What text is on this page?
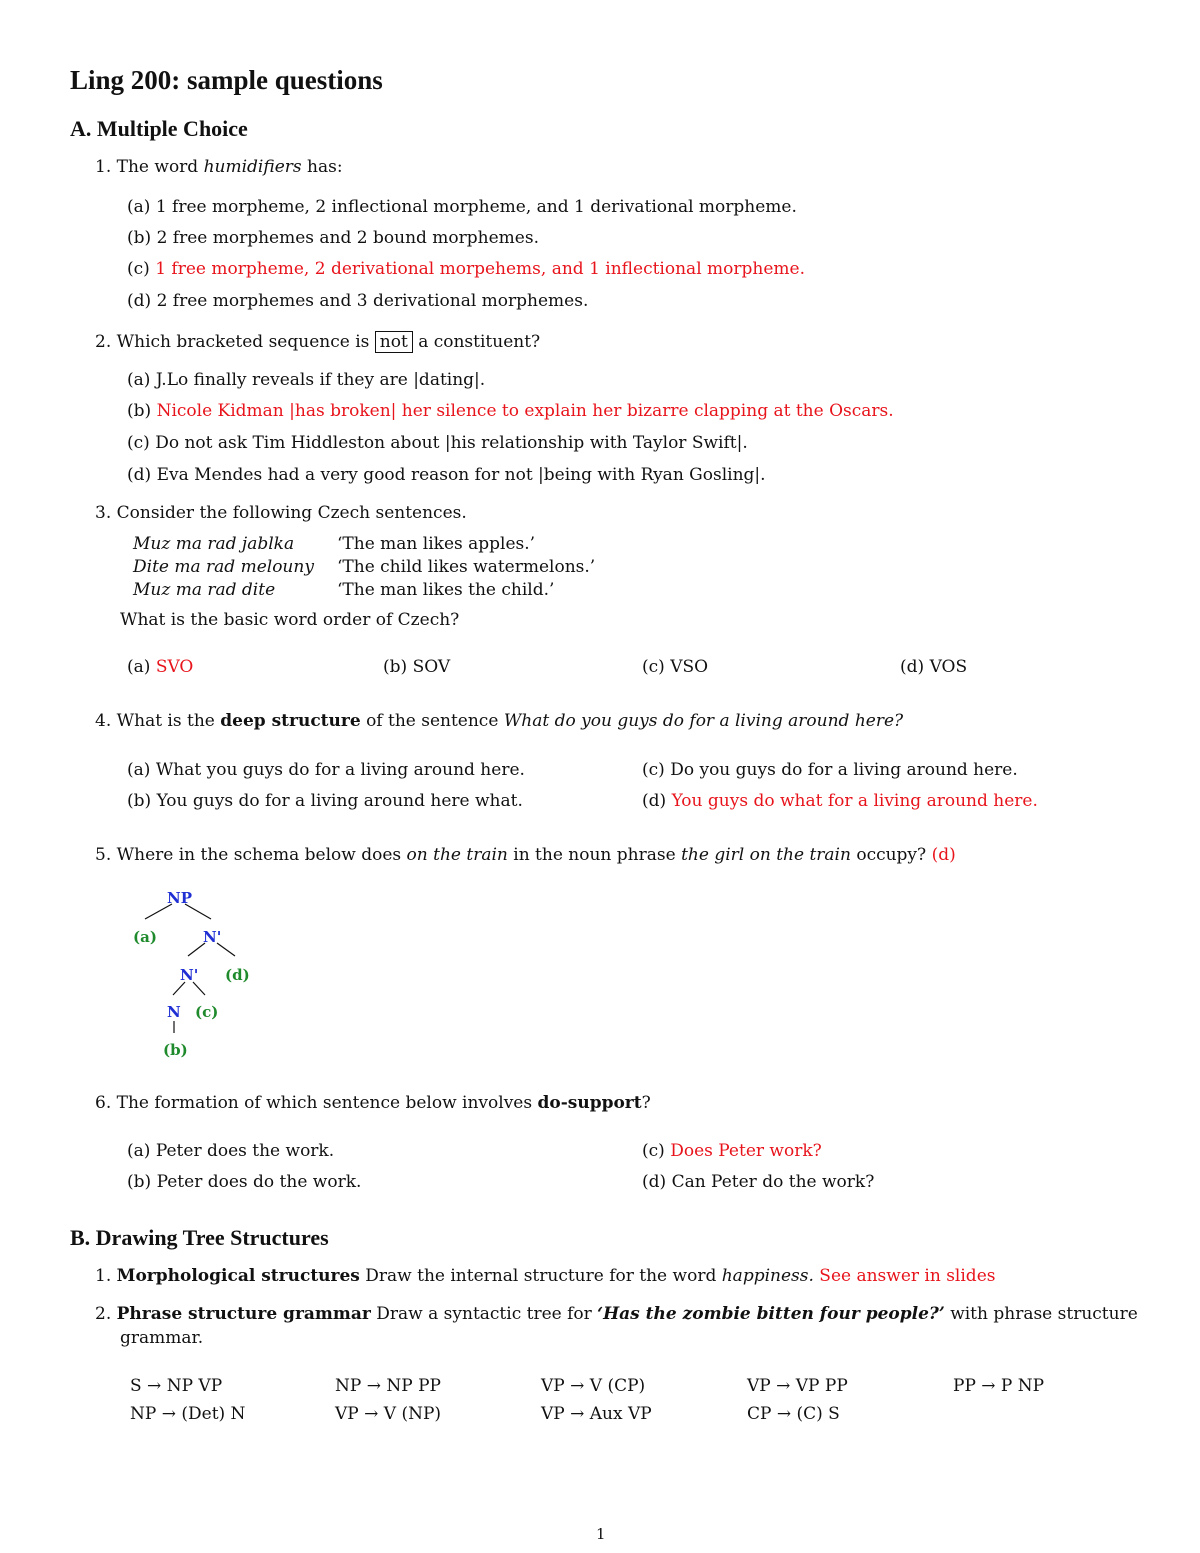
Ling 200: sample questions
A. Multiple Choice
1. The word humidifiers has:
(a) 1 free morpheme, 2 inflectional morpheme, and 1 derivational morpheme.
(b) 2 free morphemes and 2 bound morphemes.
(c) 1 free morpheme, 2 derivational morpehems, and 1 inflectional morpheme.
(d) 2 free morphemes and 3 derivational morphemes.
2. Which bracketed sequence is not a constituent?
(a) J.Lo finally reveals if they are |dating|.
(b) Nicole Kidman |has broken| her silence to explain her bizarre clapping at the Oscars.
(c) Do not ask Tim Hiddleston about |his relationship with Taylor Swift|.
(d) Eva Mendes had a very good reason for not |being with Ryan Gosling|.
3. Consider the following Czech sentences.
Muz ma rad jablka	‘The man likes apples.’
Dite ma rad melouny ‘The child likes watermelons.’
Muz ma rad dite	‘The man likes the child.’
What is the basic word order of Czech?
(a) SVO	(b) SOV	(c) VSO	(d) VOS
4. What is the deep structure of the sentence What do you guys do for a living around here?
(a) What you guys do for a living around here.
(b) You guys do for a living around here what.
(c) Do you guys do for a living around here.
(d) You guys do what for a living around here.
5. Where in the schema below does on the train in the noun phrase the girl on the train occupy? (d)
NP
(a)	N'
N' (d)
N (c)
(b)
6. The formation of which sentence below involves do-support?
(a) Peter does the work.
(b) Peter does do the work.
(c) Does Peter work?
(d) Can Peter do the work?
B. Drawing Tree Structures
1. Morphological structures Draw the internal structure for the word happiness. See answer in slides
2. Phrase structure grammar Draw a syntactic tree for ‘Has the zombie bitten four people?’ with phrase structure
grammar.
S → NP VP	NP → NP PP	VP → V (CP)	VP → VP PP	PP → P NP
NP → (Det) N	VP → V (NP)	VP → Aux VP	CP → (C) S
1
